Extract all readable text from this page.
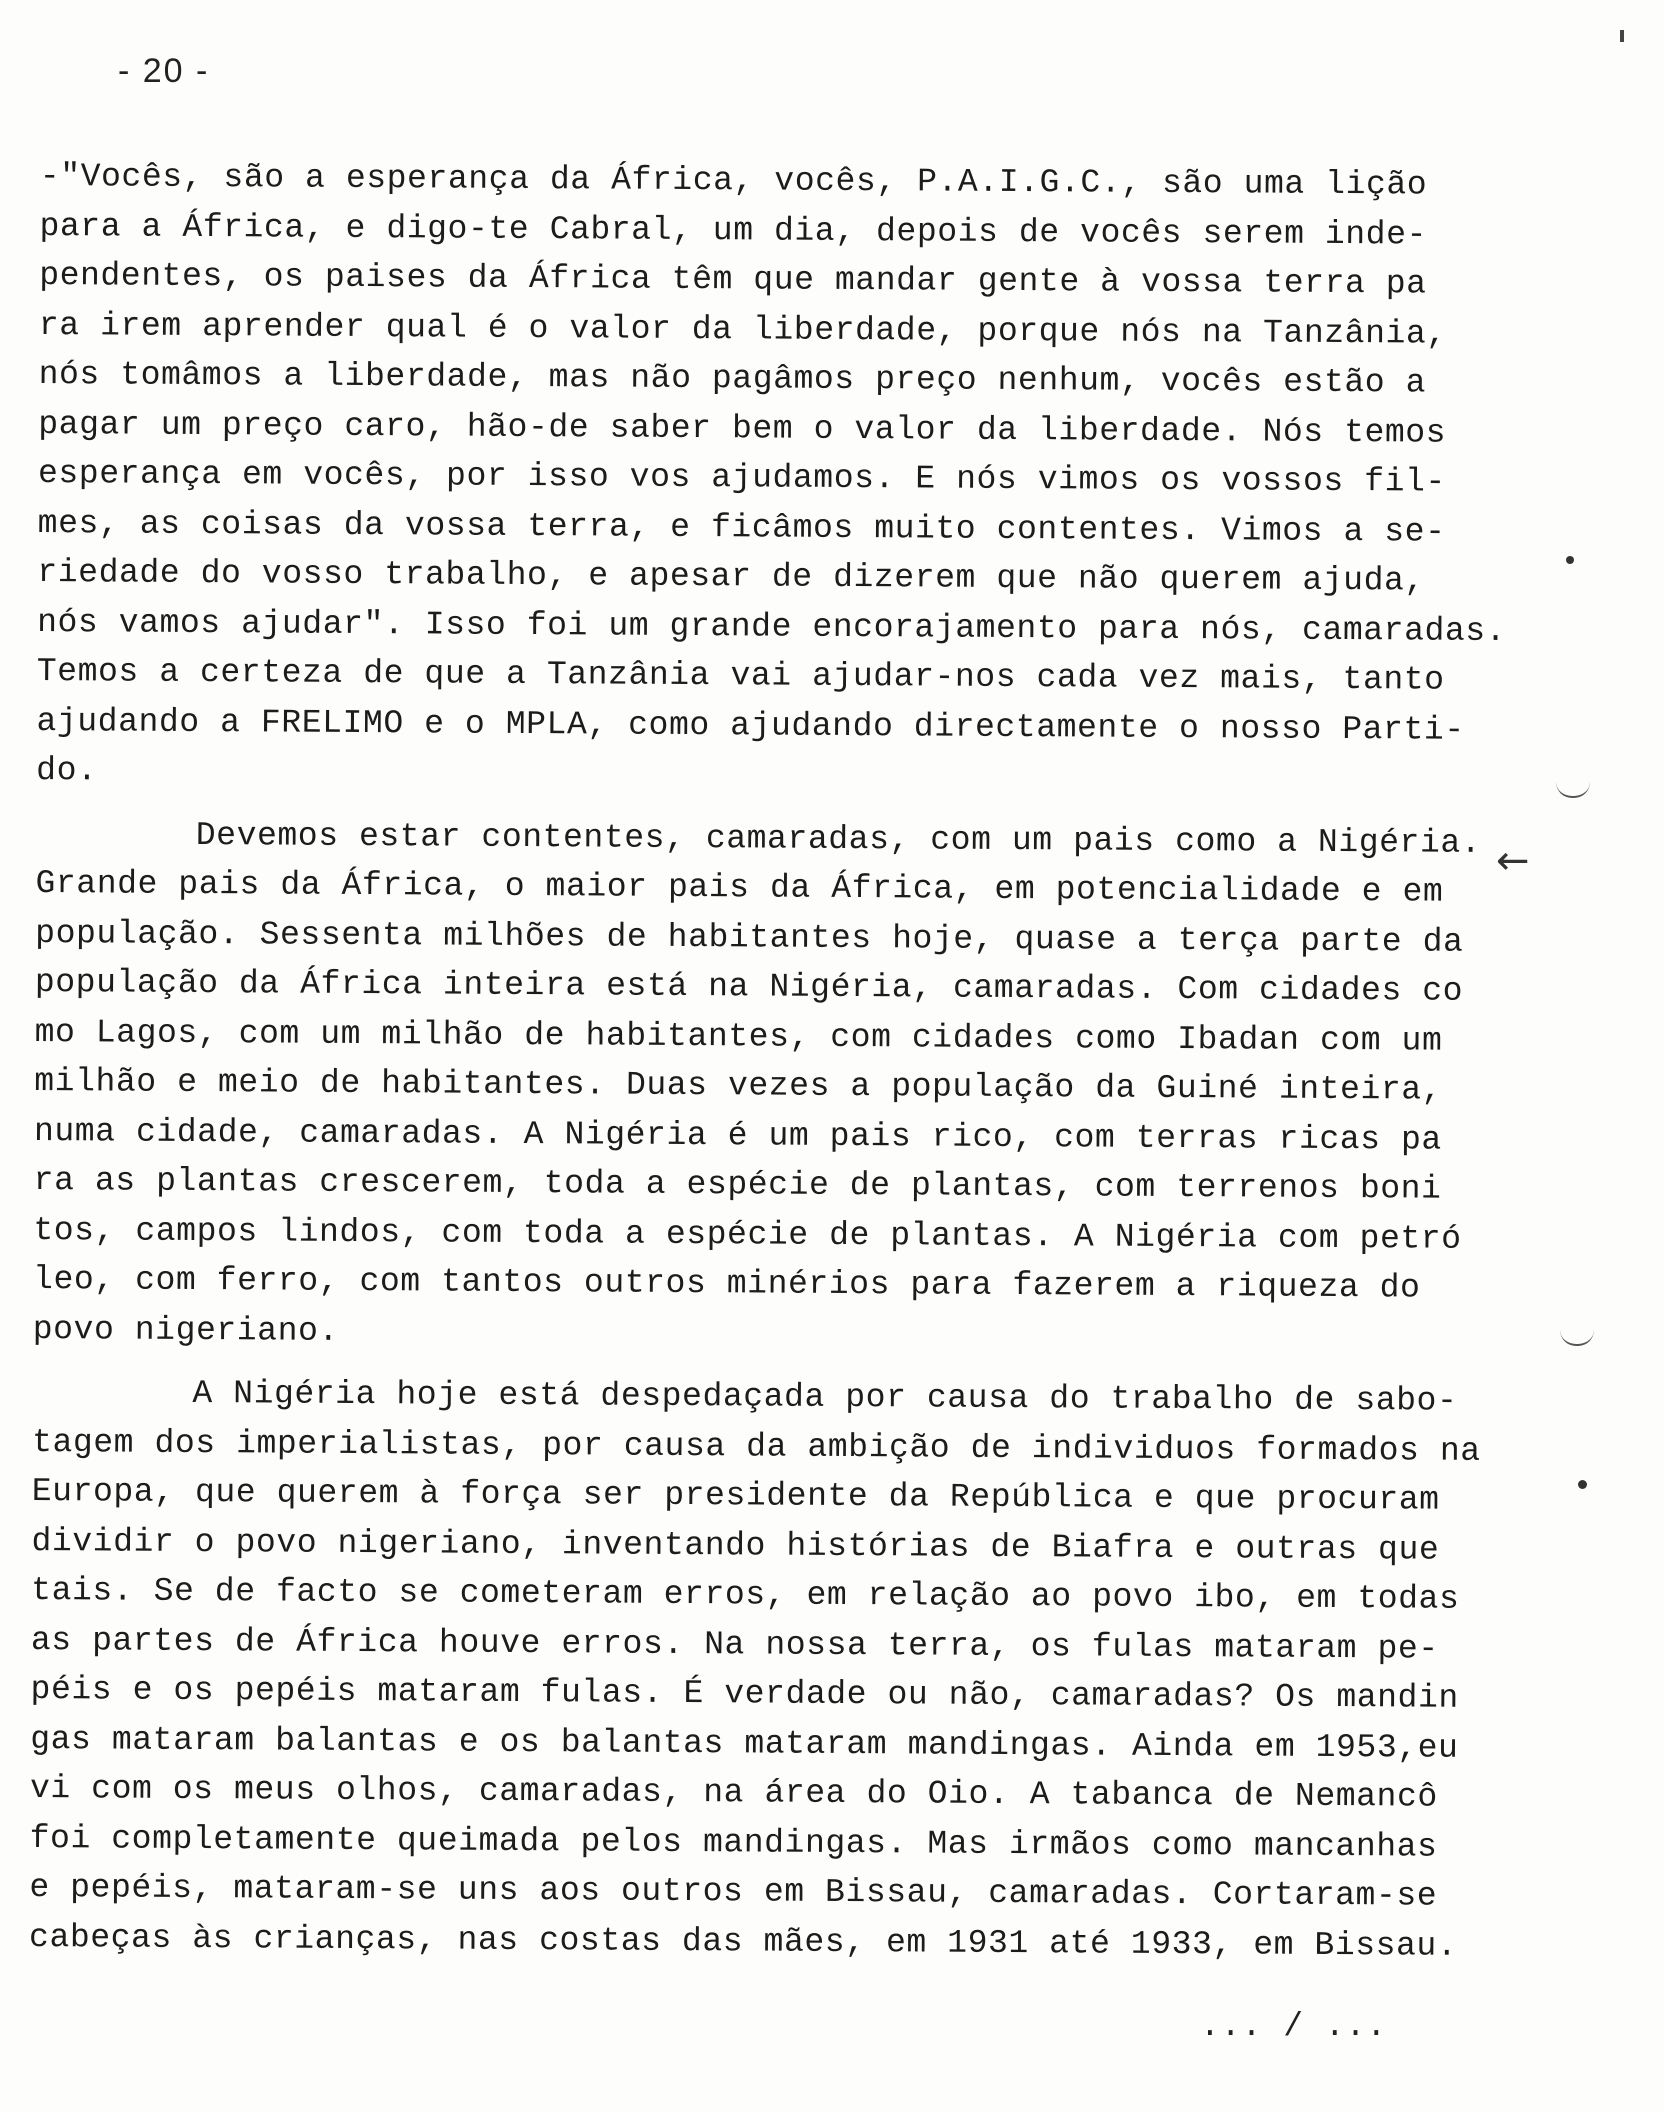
- 20 -
-"Vocês, são a esperança da África, vocês, P.A.I.G.C., são uma lição
para a África, e digo-te Cabral, um dia, depois de vocês serem inde-
pendentes, os paises da África têm que mandar gente à vossa terra pa
ra irem aprender qual é o valor da liberdade, porque nós na Tanzânia,
nós tomâmos a liberdade, mas não pagâmos preço nenhum, vocês estão a
pagar um preço caro, hão-de saber bem o valor da liberdade. Nós temos
esperança em vocês, por isso vos ajudamos. E nós vimos os vossos fil-
mes, as coisas da vossa terra, e ficâmos muito contentes. Vimos a se-
riedade do vosso trabalho, e apesar de dizerem que não querem ajuda,
nós vamos ajudar". Isso foi um grande encorajamento para nós, camaradas.
Temos a certeza de que a Tanzânia vai ajudar-nos cada vez mais, tanto
ajudando a FRELIMO e o MPLA, como ajudando directamente o nosso Parti-
do.
Devemos estar contentes, camaradas, com um pais como a Nigéria.
Grande pais da África, o maior pais da África, em potencialidade e em
população. Sessenta milhões de habitantes hoje, quase a terça parte da
população da África inteira está na Nigéria, camaradas. Com cidades co
mo Lagos, com um milhão de habitantes, com cidades como Ibadan com um
milhão e meio de habitantes. Duas vezes a população da Guiné inteira,
numa cidade, camaradas. A Nigéria é um pais rico, com terras ricas pa
ra as plantas crescerem, toda a espécie de plantas, com terrenos boni
tos, campos lindos, com toda a espécie de plantas. A Nigéria com petró
leo, com ferro, com tantos outros minérios para fazerem a riqueza do
povo nigeriano.
A Nigéria hoje está despedaçada por causa do trabalho de sabo-
tagem dos imperialistas, por causa da ambição de individuos formados na
Europa, que querem à força ser presidente da República e que procuram
dividir o povo nigeriano, inventando histórias de Biafra e outras que
tais. Se de facto se cometeram erros, em relação ao povo ibo, em todas
as partes de África houve erros. Na nossa terra, os fulas mataram pe-
péis e os pepéis mataram fulas. É verdade ou não, camaradas? Os mandin
gas mataram balantas e os balantas mataram mandingas. Ainda em 1953,eu
vi com os meus olhos, camaradas, na área do Oio. A tabanca de Nemancô
foi completamente queimada pelos mandingas. Mas irmãos como mancanhas
e pepéis, mataram-se uns aos outros em Bissau, camaradas. Cortaram-se
cabeças às crianças, nas costas das mães, em 1931 até 1933, em Bissau.
... / ...
←
